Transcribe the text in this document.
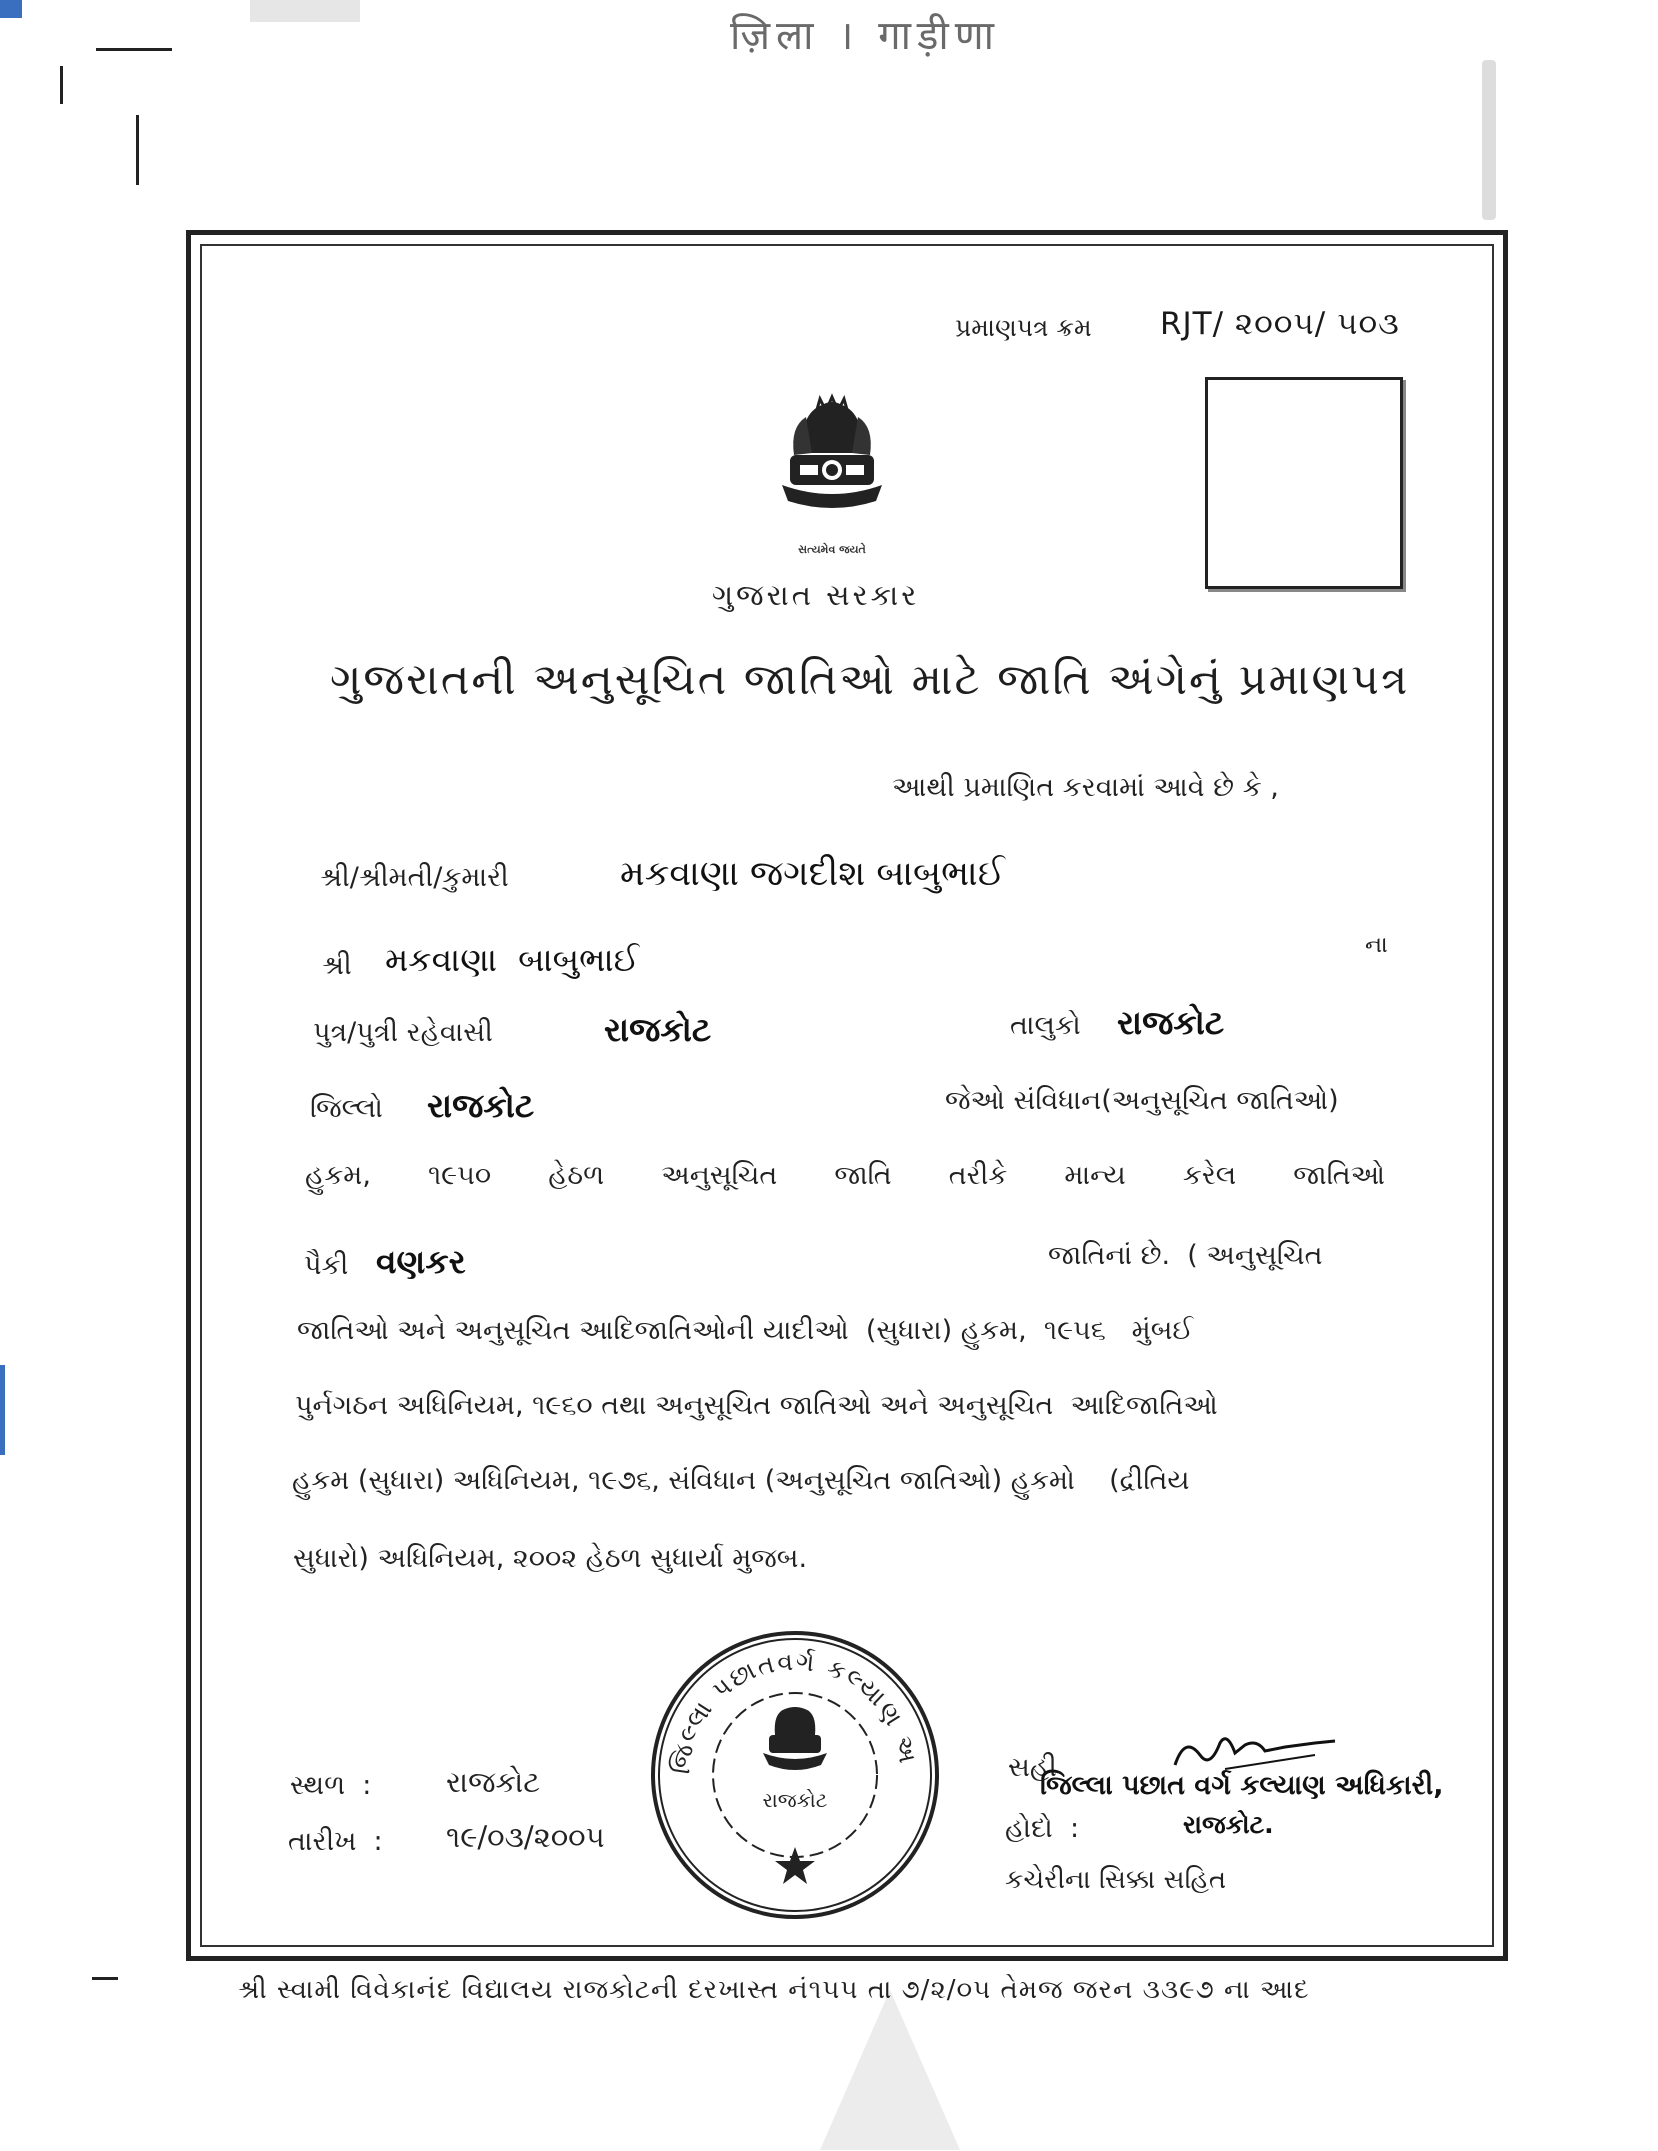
ज़िला । गाड़ीणा
પ્રમાણપત્ર ક્રમ RJT/ ૨૦૦૫/ ૫૦૩
સત્યમેવ જયતે
ગુજરાત સરકાર
ગુજરાતની અનુસૂચિત જાતિઓ માટે જાતિ અંગેનું પ્રમાણપત્ર
આથી પ્રમાણિત કરવામાં આવે છે કે ,
શ્રી/શ્રીમતી/કુમારી	મકવાણા જગદીશ બાબુભાઈ
શ્રી મકવાણા  બાબુભાઈ	ના
પુત્ર/પુત્રી રહેવાસી	રાજકોટ	તાલુકો રાજકોટ
જિલ્લો રાજકોટ	જેઓ સંવિધાન(અનુસૂચિત જાતિઓ)
હુકમ, ૧૯૫૦ હેઠળ અનુસૂચિત જાતિ તરીકે માન્ય કરેલ જાતિઓ
પૈકી વણકર	જાતિનાં છે.  ( અનુસૂચિત
જાતિઓ અને અનુસૂચિત આદિજાતિઓની યાદીઓ  (સુધારા) હુકમ,  ૧૯૫૬   મુંબઈ
પુર્નગઠન અધિનિયમ, ૧૯૬૦ તથા અનુસૂચિત જાતિઓ અને અનુસૂચિત  આદિજાતિઓ
હુકમ (સુધારા) અધિનિયમ, ૧૯૭૬, સંવિધાન (અનુસૂચિત જાતિઓ) હુકમો    (દ્રીતિય
સુધારો) અધિનિયમ, ૨૦૦૨ હેઠળ સુધાર્યા મુજબ.
સ્થળ  :	રાજકોટ
તારીખ  : ૧૯/૦૩/૨૦૦૫
જિલ્લા પછાતવર્ગ કલ્યાણ અ
રાજકોટ
સહી
જિલ્લા પછાત વર્ગ કલ્યાણ અધિકારી,
હોદો  :	રાજકોટ.
કચેરીના સિક્કા સહિત
શ્રી સ્વામી વિવેકાનંદ વિદ્યાલય રાજકોટની દરખાસ્ત નં૧૫૫ તા ૭/૨/૦૫ તેમજ જરન ૩૩૯૭ ના આદ
